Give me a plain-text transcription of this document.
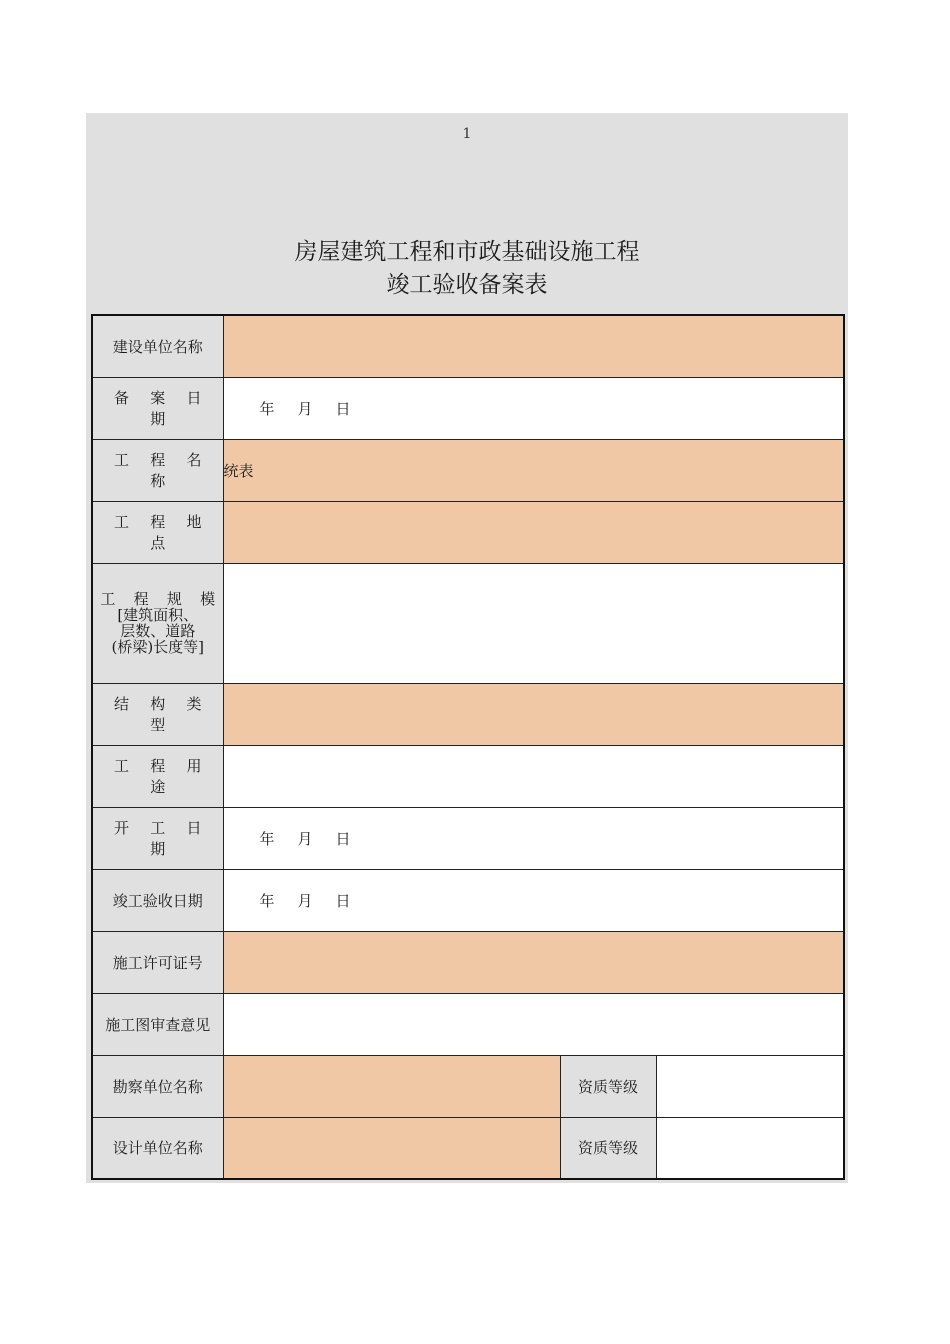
1
房屋建筑工程和市政基础设施工程
竣工验收备案表
建设单位名称			
备 案 日 期	年 月 日		
工 程 名 称	统表		
工 程 地 点			

工 程 规 模
[建筑面积、
层数、道路
(桥梁)长度等]			

结 构 类 型			
工 程 用 途			
开 工 日 期	年 月 日		
竣工验收日期	年 月 日		
施工许可证号			
施工图审查意见			
勘察单位名称		资质等级	
设计单位名称		资质等级	
